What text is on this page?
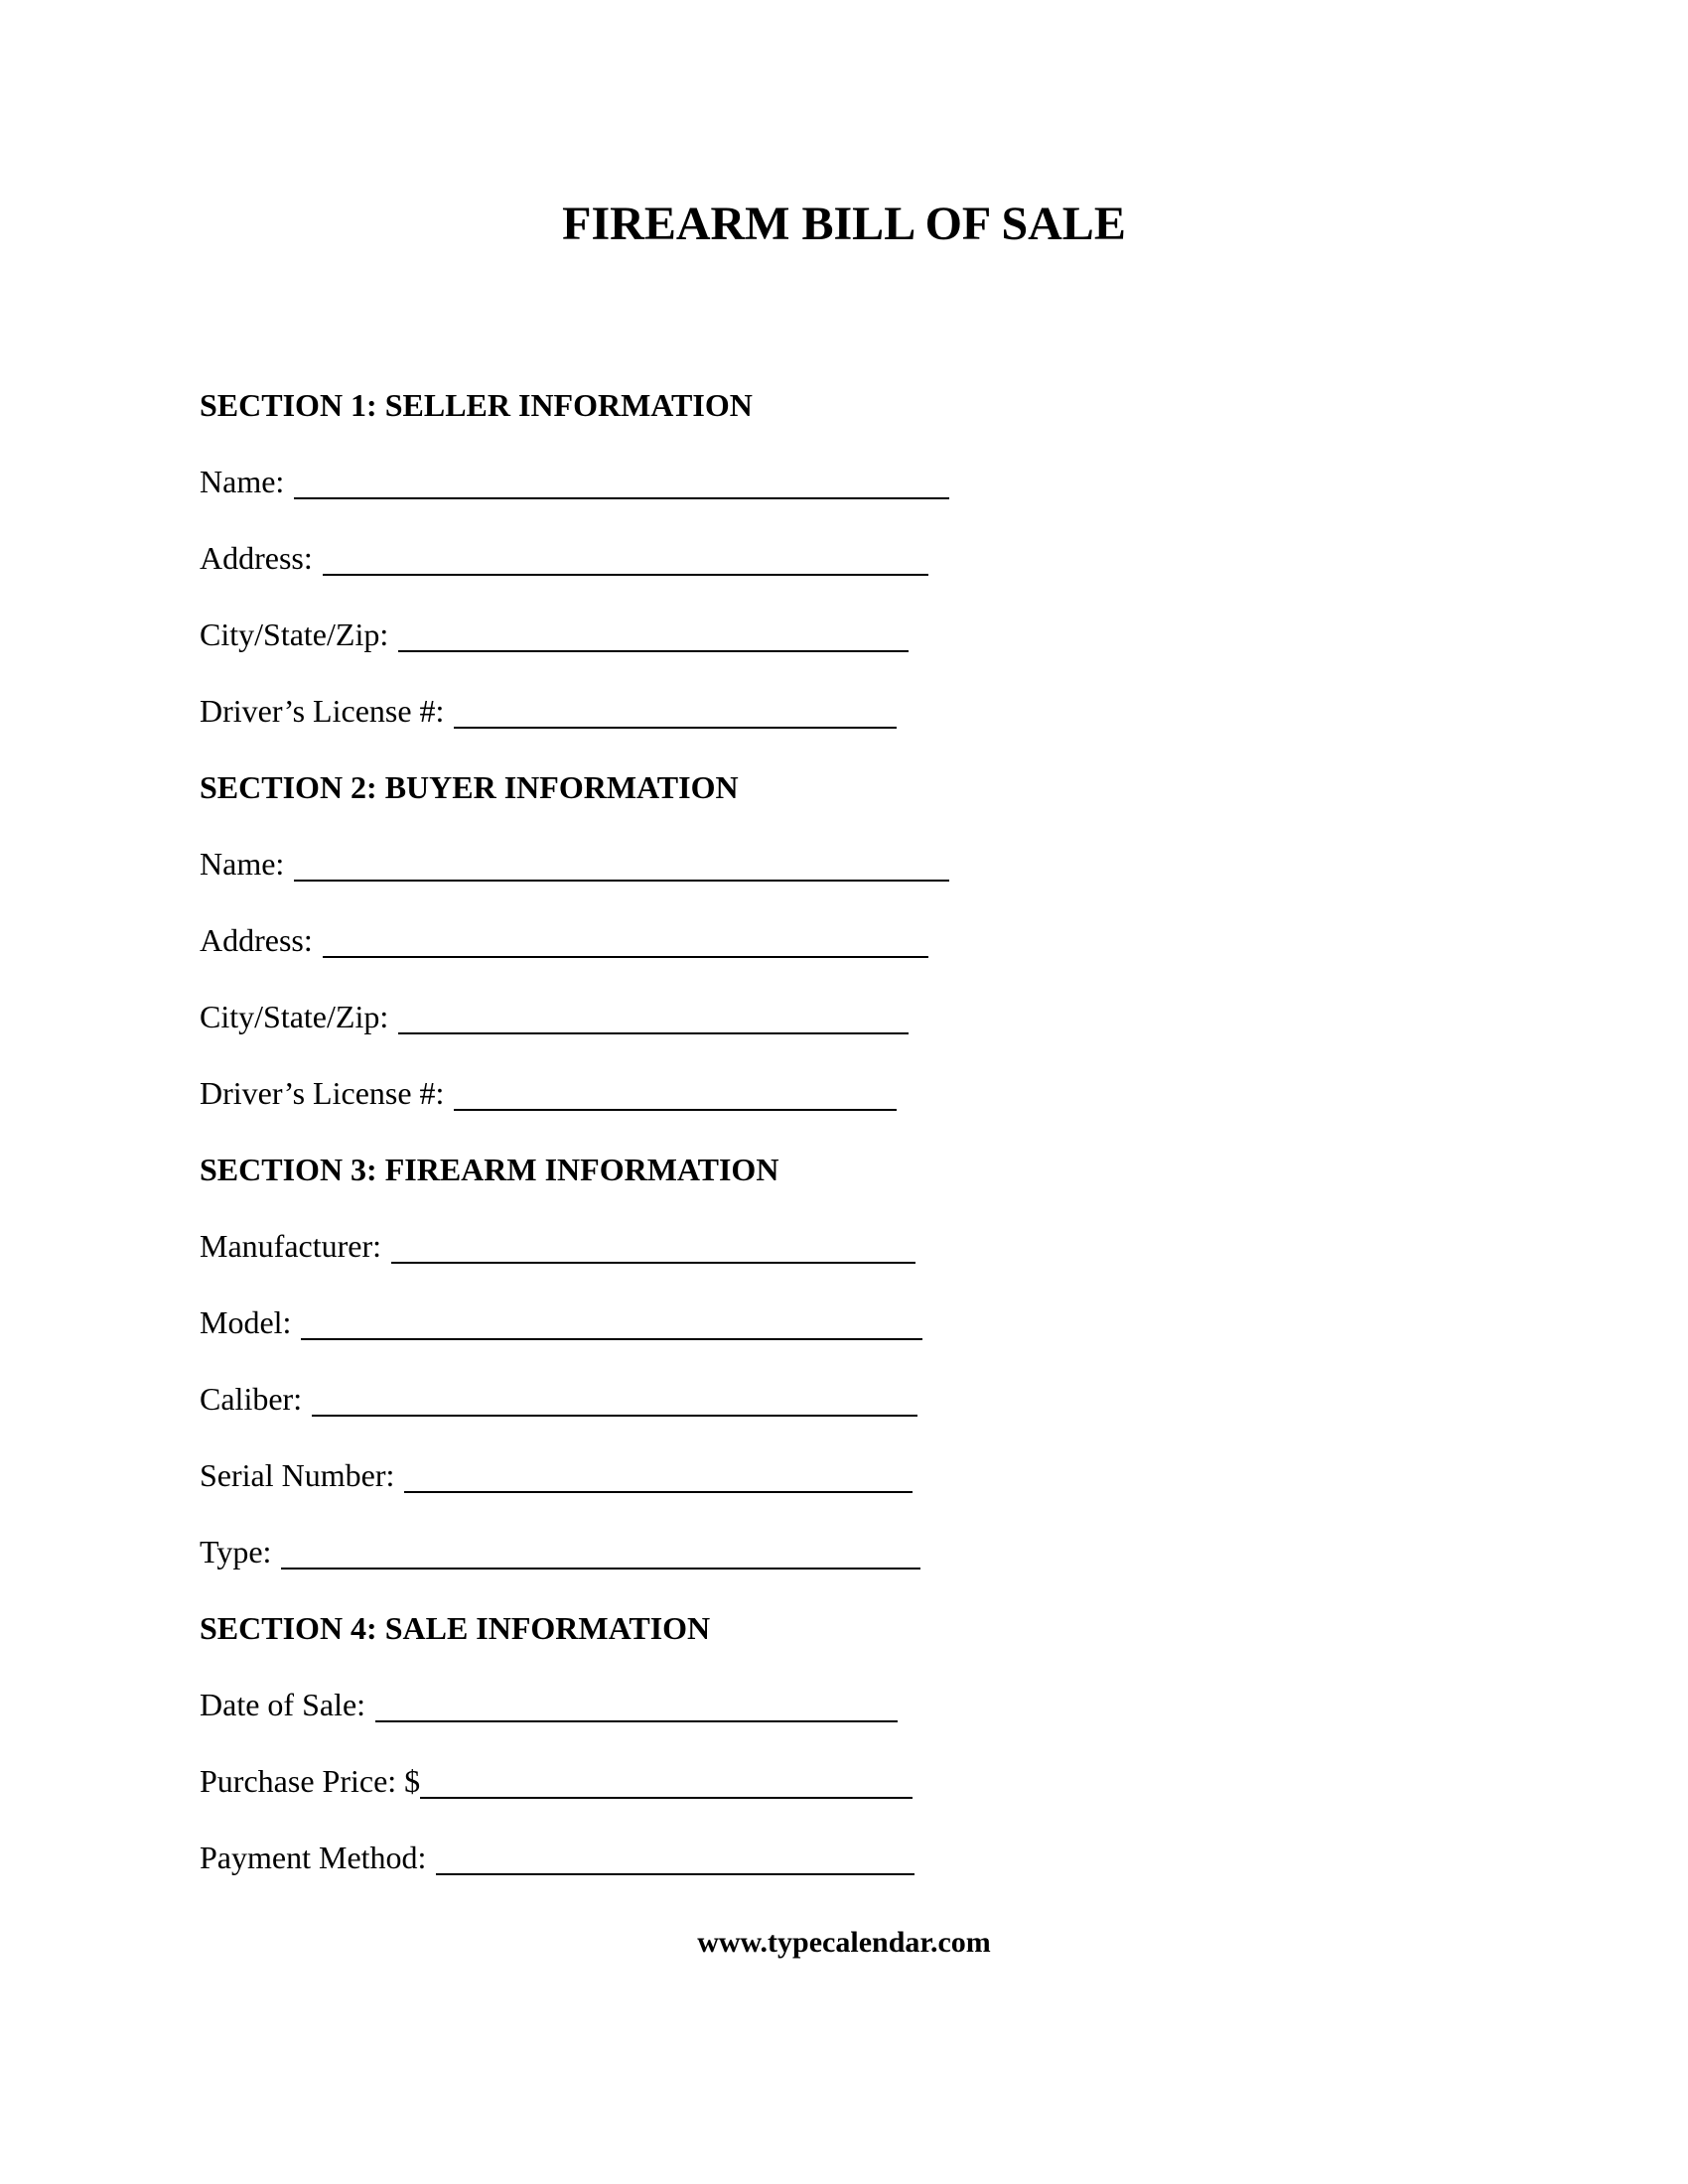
FIREARM BILL OF SALE
SECTION 1: SELLER INFORMATION
Name:
Address:
City/State/Zip:
Driver’s License #:
SECTION 2: BUYER INFORMATION
Name:
Address:
City/State/Zip:
Driver’s License #:
SECTION 3: FIREARM INFORMATION
Manufacturer:
Model:
Caliber:
Serial Number:
Type:
SECTION 4: SALE INFORMATION
Date of Sale:
Purchase Price: $
Payment Method:
www.typecalendar.com
